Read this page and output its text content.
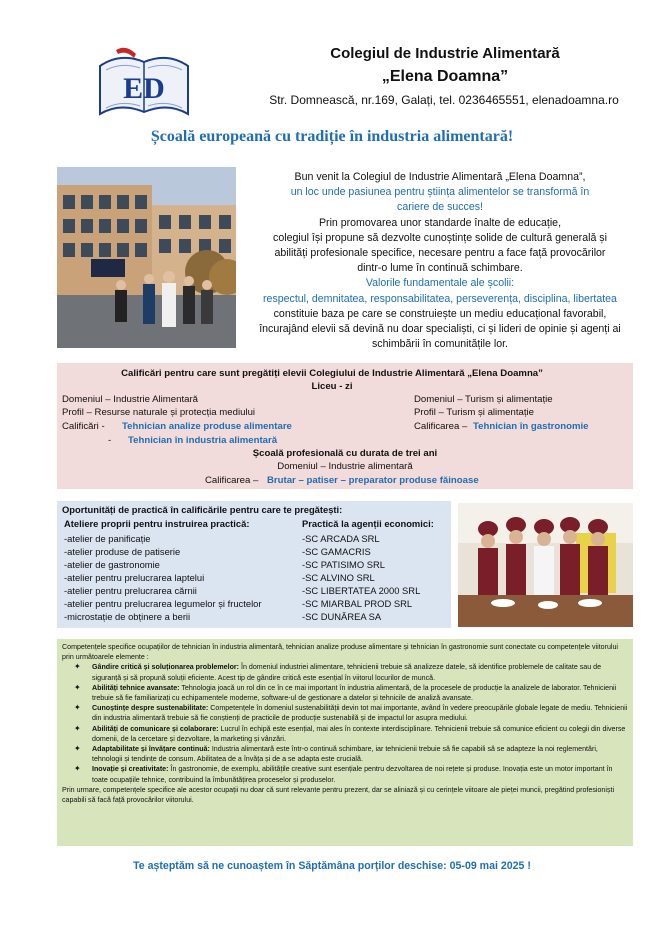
ED
Colegiul de Industrie Alimentară
„Elena Doamna”
Str. Domnească, nr.169, Galați, tel. 0236465551, elenadoamna.ro
Școală europeană cu tradiție în industria alimentară!
Bun venit la Colegiul de Industrie Alimentară „Elena Doamna”,
un loc unde pasiunea pentru știința alimentelor se transformă în
cariere de succes!
Prin promovarea unor standarde înalte de educație,
colegiul își propune să dezvolte cunoștințe solide de cultură generală și
abilități profesionale specifice, necesare pentru a face față provocărilor
dintr-o lume în continuă schimbare.
Valorile fundamentale ale școlii:
respectul, demnitatea, responsabilitatea, perseverența, disciplina, libertatea
constituie baza pe care se construiește un mediu educațional favorabil,
încurajând elevii să devină nu doar specialiști, ci și lideri de opinie și agenți ai
schimbării în comunitățile lor.
Calificări pentru care sunt pregătiți elevii Colegiului de Industrie Alimentară „Elena Doamna”
Liceu - zi
Domeniul – Industrie Alimentară
Profil – Resurse naturale și protecția mediului
Calificări - Tehnician analize produse alimentare
- Tehnician în industria alimentară
Domeniul – Turism și alimentație
Profil – Turism și alimentație
Calificarea – Tehnician în gastronomie
Școală profesională cu durata de trei ani
Domeniul – Industrie alimentară
Calificarea – Brutar – patiser – preparator produse făinoase
Oportunități de practică în calificările pentru care te pregătești:
Ateliere proprii pentru instruirea practică:	Practică la agenții economici:
-atelier de panificație
-atelier produse de patiserie
-atelier de gastronomie
-atelier pentru prelucrarea laptelui
-atelier pentru prelucrarea cărnii
-atelier pentru prelucrarea legumelor și fructelor
-microstație de obținere a berii
-SC ARCADA SRL
-SC GAMACRIS
-SC PATISIMO SRL
-SC ALVINO SRL
-SC LIBERTATEA 2000 SRL
-SC MIARBAL PROD SRL
-SC DUNĂREA SA

Competențele specifice ocupațiilor de tehnician în industria alimentară, tehnician analize produse alimentare și tehnician în gastronomie sunt conectate cu competențele viitorului prin următoarele elemente :

✦ Gândire critică și soluționarea problemelor: În domeniul industriei alimentare, tehnicienii trebuie să analizeze datele, să identifice problemele de calitate sau de siguranță și să propună soluții eficiente. Acest tip de gândire critică este esențial în viitorul locurilor de muncă.
✦ Abilități tehnice avansate: Tehnologia joacă un rol din ce în ce mai important în industria alimentară, de la procesele de producție la analizele de laborator. Tehnicienii trebuie să fie familiarizați cu echipamentele moderne, software-ul de gestionare a datelor și tehnicile de analiză avansate.
✦ Cunoștințe despre sustenabilitate: Competențele în domeniul sustenabilității devin tot mai importante, având în vedere preocupările globale legate de mediu. Tehnicienii din industria alimentară trebuie să fie conștienți de practicile de producție sustenabilă și de impactul lor asupra mediului.
✦ Abilități de comunicare și colaborare: Lucrul în echipă este esențial, mai ales în contexte interdisciplinare. Tehnicienii trebuie să comunice eficient cu colegii din diverse domenii, de la cercetare și dezvoltare, la marketing și vânzări.
✦ Adaptabilitate și învățare continuă: Industria alimentară este într-o continuă schimbare, iar tehnicienii trebuie să fie capabili să se adapteze la noi reglementări, tehnologii și tendințe de consum. Abilitatea de a învăța și de a se adapta este crucială.
✦ Inovație și creativitate: În gastronomie, de exemplu, abilitățile creative sunt esențiale pentru dezvoltarea de noi rețete și produse. Inovația este un motor important în toate ocupațiile tehnice, contribuind la îmbunătățirea proceselor și produselor.

Prin urmare, competențele specifice ale acestor ocupații nu doar că sunt relevante pentru prezent, dar se aliniază și cu cerințele viitoare ale pieței muncii, pregătind profesioniști capabili să facă față provocărilor viitorului.

Te așteptăm să ne cunoaștem în Săptămâna porților deschise: 05-09 mai 2025 !
